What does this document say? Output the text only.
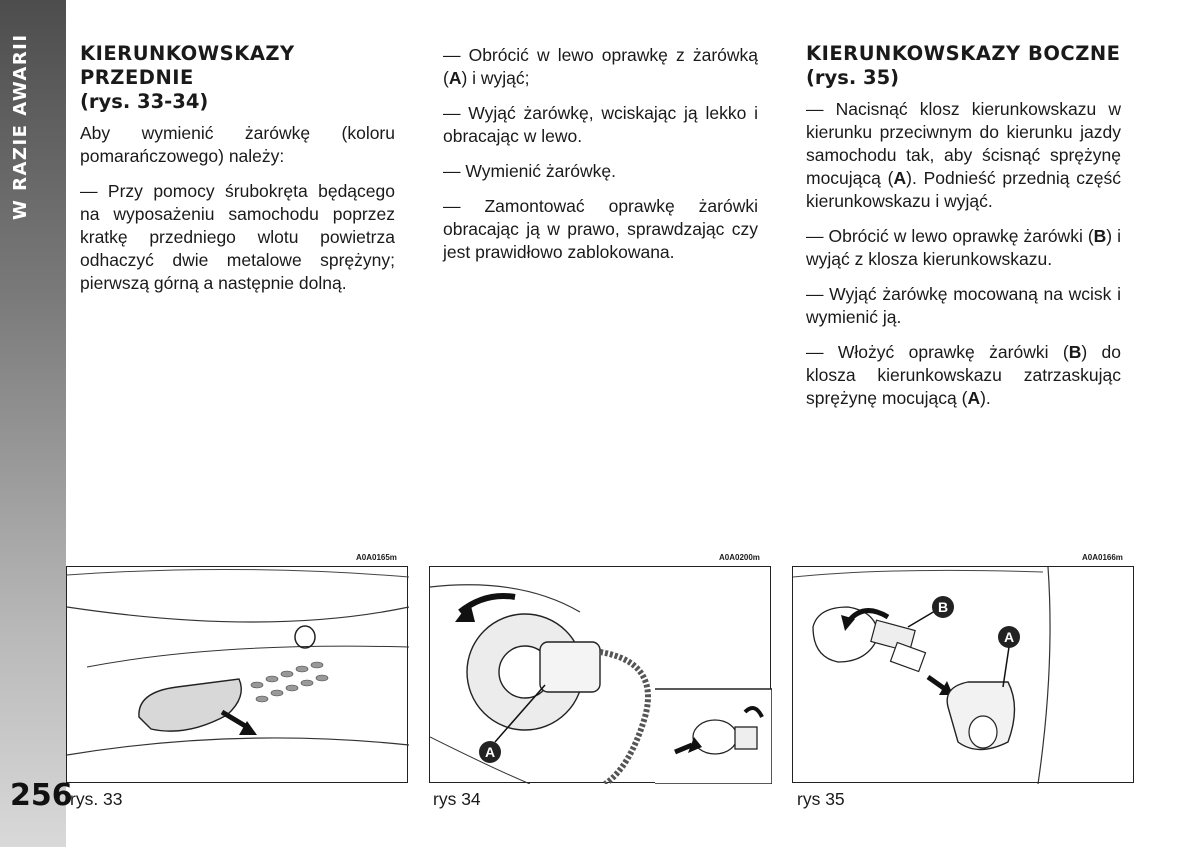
W RAZIE AWARII	KIERUNKOWSKAZY PRZEDNIE
(rys. 33-34)

Aby wymienić żarówkę (koloru pomarańczowego) należy:

— Przy pomocy śrubokręta będącego na wyposażeniu samochodu poprzez kratkę przedniego wlotu powietrza odhaczyć dwie metalowe sprężyny; pierwszą górną a następnie dolną.

— Obrócić w lewo oprawkę z żarówką (A) i wyjąć;

— Wyjąć żarówkę, wciskając ją lekko i obracając w lewo.

— Wymienić żarówkę.

— Zamontować oprawkę żarówki obracając ją w prawo, sprawdzając czy jest prawidłowo zablokowana.

KIERUNKOWSKAZY BOCZNE
(rys. 35)

— Nacisnąć klosz kierunkowskazu w kierunku przeciwnym do kierunku jazdy samochodu tak, aby ścisnąć sprężynę mocującą (A). Podnieść przednią część kierunkowskazu i wyjąć.

— Obrócić w lewo oprawkę żarówki (B) i wyjąć z klosza kierunkowskazu.

— Wyjąć żarówkę mocowaną na wcisk i wymienić ją.

— Włożyć oprawkę żarówki (B) do klosza kierunkowskazu zatrzaskując sprężynę mocującą (A).

A0A0165m	A0A0200m	A0A0166m
A
B
A
rys. 33	rys 34	rys 35
256
